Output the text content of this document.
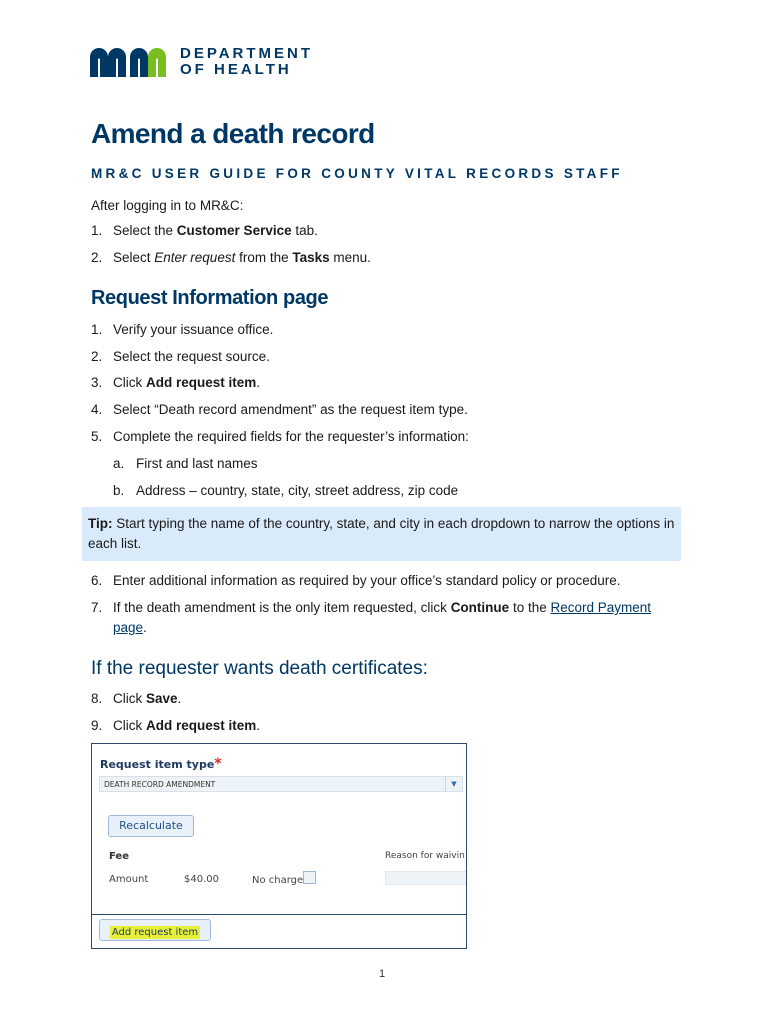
DEPARTMENT
OF HEALTH
Amend a death record
MR&C USER GUIDE FOR COUNTY VITAL RECORDS STAFF
After logging in to MR&C:
1. Select the Customer Service tab.
2. Select Enter request from the Tasks menu.
Request Information page
1. Verify your issuance office.
2. Select the request source.
3. Click Add request item.
4. Select “Death record amendment” as the request item type.
5. Complete the required fields for the requester’s information:
a. First and last names
b. Address – country, state, city, street address, zip code
Tip: Start typing the name of the country, state, and city in each dropdown to narrow the options in each list.
6. Enter additional information as required by your office’s standard policy or procedure.
7. If the death amendment is the only item requested, click Continue to the Record Payment
page.
If the requester wants death certificates:
8. Click Save.
9. Click Add request item.
Request item type*
DEATH RECORD AMENDMENT	▼
Recalculate
Fee	Reason for waivin
Amount	$40.00	No charge
Add request item
1
